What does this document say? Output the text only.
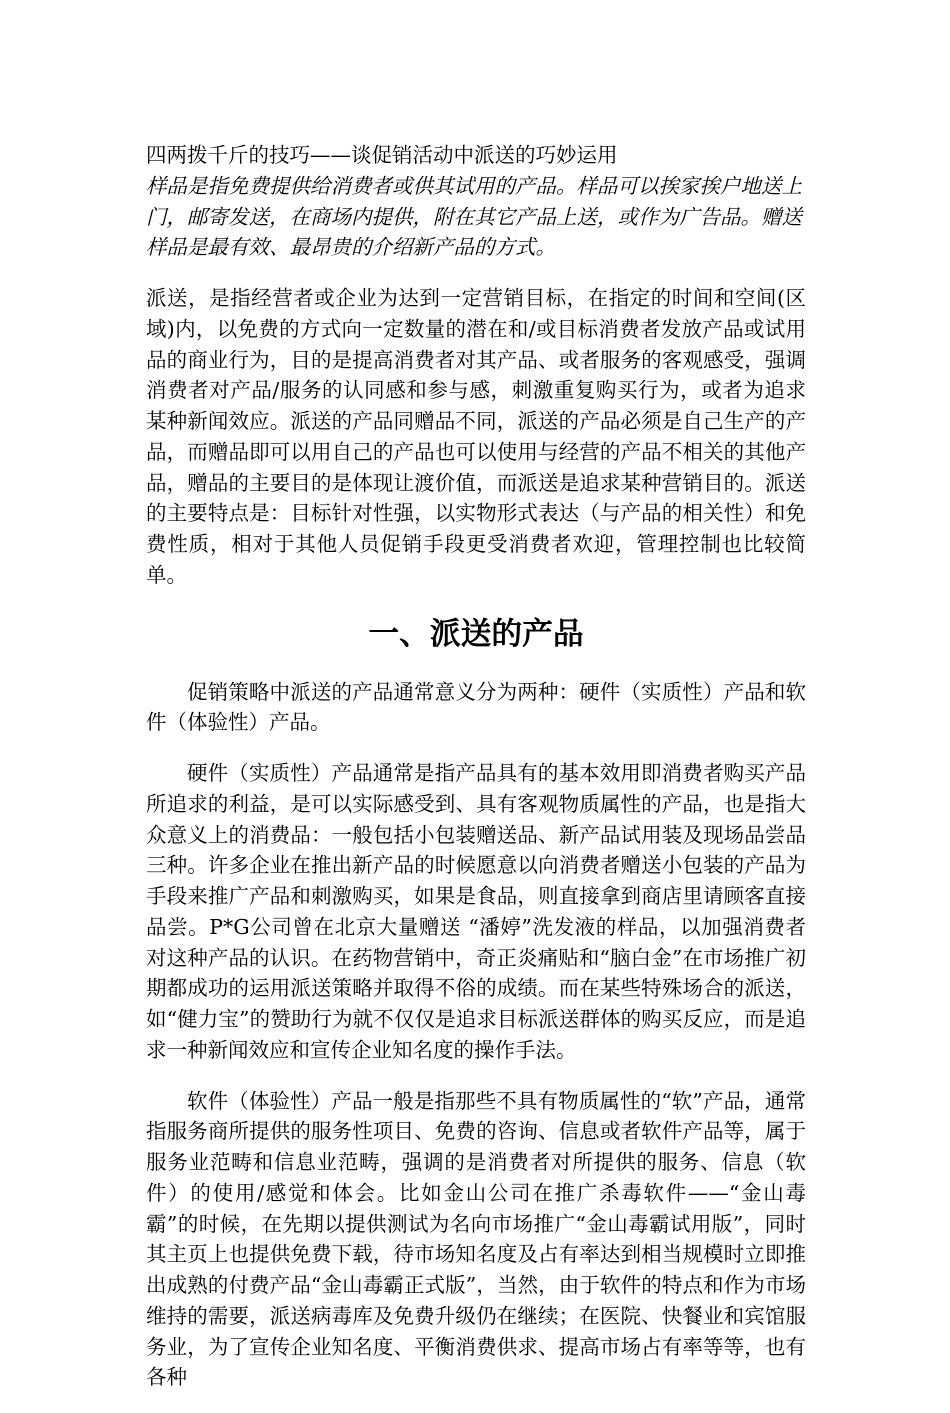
四两拨千斤的技巧——谈促销活动中派送的巧妙运用

样品是指免费提供给消费者或供其试用的产品。样品可以挨家挨户地送上门，邮寄发送，在商场内提供，附在其它产品上送，或作为广告品。赠送样品是最有效、最昂贵的介绍新产品的方式。

派送，是指经营者或企业为达到一定营销目标，在指定的时间和空间(区域)内，以免费的方式向一定数量的潜在和/或目标消费者发放产品或试用品的商业行为，目的是提高消费者对其产品、或者服务的客观感受，强调消费者对产品/服务的认同感和参与感，刺激重复购买行为，或者为追求某种新闻效应。派送的产品同赠品不同，派送的产品必须是自己生产的产品，而赠品即可以用自己的产品也可以使用与经营的产品不相关的其他产品，赠品的主要目的是体现让渡价值，而派送是追求某种营销目的。派送的主要特点是：目标针对性强，以实物形式表达（与产品的相关性）和免费性质，相对于其他人员促销手段更受消费者欢迎，管理控制也比较简单。

一、派送的产品

促销策略中派送的产品通常意义分为两种：硬件（实质性）产品和软件（体验性）产品。

硬件（实质性）产品通常是指产品具有的基本效用即消费者购买产品所追求的利益，是可以实际感受到、具有客观物质属性的产品，也是指大众意义上的消费品：一般包括小包装赠送品、新产品试用装及现场品尝品三种。许多企业在推出新产品的时候愿意以向消费者赠送小包装的产品为手段来推广产品和刺激购买，如果是食品，则直接拿到商店里请顾客直接品尝。P*G公司曾在北京大量赠送 “潘婷”洗发液的样品，以加强消费者对这种产品的认识。在药物营销中，奇正炎痛贴和“脑白金”在市场推广初期都成功的运用派送策略并取得不俗的成绩。而在某些特殊场合的派送，如“健力宝”的赞助行为就不仅仅是追求目标派送群体的购买反应，而是追求一种新闻效应和宣传企业知名度的操作手法。

软件（体验性）产品一般是指那些不具有物质属性的“软”产品，通常指服务商所提供的服务性项目、免费的咨询、信息或者软件产品等，属于服务业范畴和信息业范畴，强调的是消费者对所提供的服务、信息（软件）的使用/感觉和体会。比如金山公司在推广杀毒软件——“金山毒霸”的时候，在先期以提供测试为名向市场推广“金山毒霸试用版”，同时其主页上也提供免费下载，待市场知名度及占有率达到相当规模时立即推出成熟的付费产品“金山毒霸正式版”，当然，由于软件的特点和作为市场维持的需要，派送病毒库及免费升级仍在继续；在医院、快餐业和宾馆服务业，为了宣传企业知名度、平衡消费供求、提高市场占有率等等，也有各种
